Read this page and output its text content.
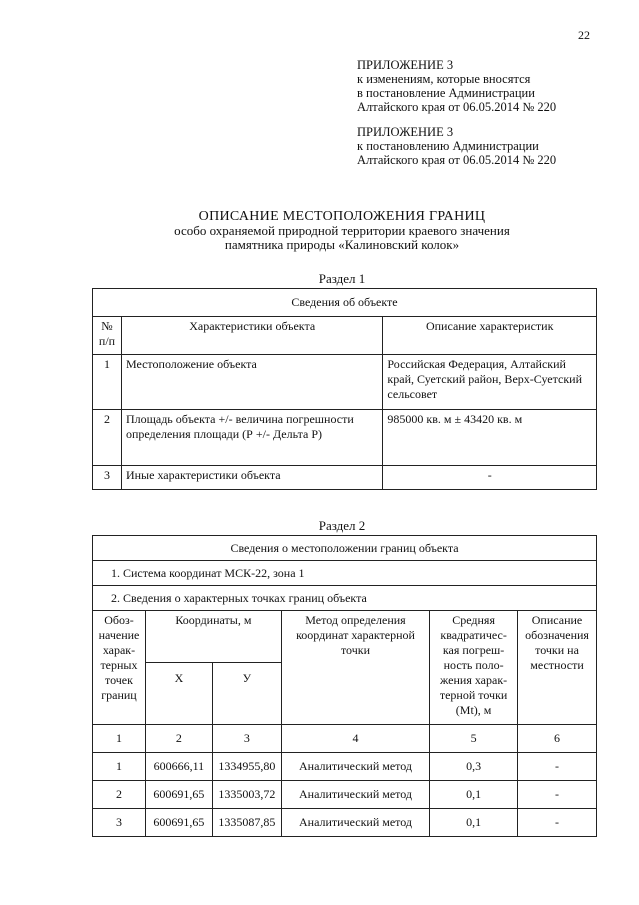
22
ПРИЛОЖЕНИЕ 3
к изменениям, которые вносятся
в постановление Администрации
Алтайского края от 06.05.2014 № 220
ПРИЛОЖЕНИЕ 3
к постановлению Администрации
Алтайского края от 06.05.2014 № 220
ОПИСАНИЕ МЕСТОПОЛОЖЕНИЯ ГРАНИЦ
особо охраняемой природной территории краевого значения
памятника природы «Калиновский колок»
Раздел 1
Сведения об объекте		
№ п/п	Характеристики объекта	Описание характеристик
1	Местоположение объекта	Российская Федерация, Алтайский край, Суетский район, Верх-Суетский сельсовет
2	Площадь объекта +/- величина погрешности определения площади (Р +/- Дельта Р)	985000 кв. м ± 43420 кв. м
3	Иные характеристики объекта	-
Раздел 2
Сведения о местоположении границ объекта					
1. Система координат МСК-22, зона 1					
2. Сведения о характерных точках границ объекта					
Обоз-начение харак-терных точек границ	Координаты, м		Метод определения координат характерной точки	Средняя квадратичес-кая погреш-ность поло-жения харак-терной точки (Mt), м	Описание обозначения точки на местности
	Х	У			
1	2	3	4	5	6
1	600666,11	1334955,80	Аналитический метод	0,3	-
2	600691,65	1335003,72	Аналитический метод	0,1	-
3	600691,65	1335087,85	Аналитический метод	0,1	-
